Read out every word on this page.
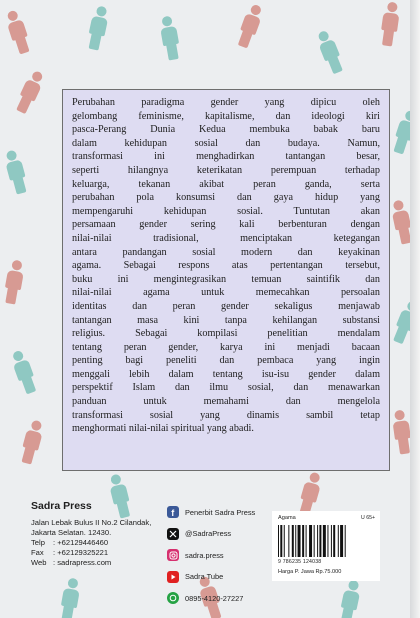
Perubahan paradigma gender yang dipicu oleh
gelombang feminisme, kapitalisme, dan ideologi kiri
pasca-Perang Dunia Kedua membuka babak baru
dalam kehidupan sosial dan budaya. Namun,
transformasi ini menghadirkan tantangan besar,
seperti hilangnya keterikatan perempuan terhadap
keluarga, tekanan akibat peran ganda, serta
perubahan pola konsumsi dan gaya hidup yang
mempengaruhi kehidupan sosial. Tuntutan akan
persamaan gender sering kali berbenturan dengan
nilai-nilai tradisional, menciptakan ketegangan
antara pandangan sosial modern dan keyakinan
agama. Sebagai respons atas pertentangan tersebut,
buku ini mengintegrasikan temuan saintifik dan
nilai-nilai agama untuk memecahkan persoalan
identitas dan peran gender sekaligus menjawab
tantangan masa kini tanpa kehilangan substansi
religius. Sebagai kompilasi penelitian mendalam
tentang peran gender, karya ini menjadi bacaan
penting bagi peneliti dan pembaca yang ingin
menggali lebih dalam tentang isu-isu gender dalam
perspektif Islam dan ilmu sosial, dan menawarkan
panduan untuk memahami dan mengelola
transformasi sosial yang dinamis sambil tetap
menghormati nilai-nilai spiritual yang abadi.

Sadra Press
Jalan Lebak Bulus II No.2 Cilandak,
Jakarta Selatan. 12430.
Telp : +62129446460
Fax : +62129325221
Web : sadrapress.com
f Penerbit Sadra Press
@SadraPress
sadra.press
Sadra Tube
0895-4120-27227
Agama	U 65+
9 786235 124038
Harga P. Jawa Rp.75.000
